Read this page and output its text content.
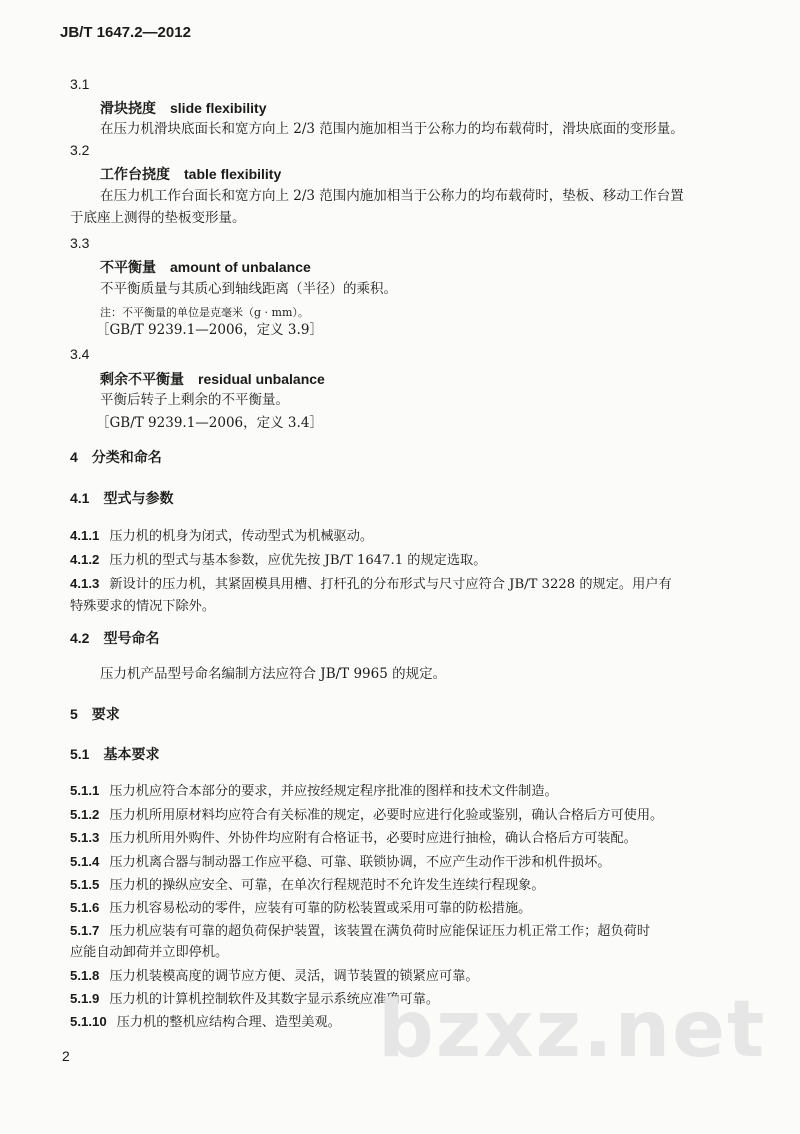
JB/T 1647.2—2012
3.1
滑块挠度　slide flexibility
在压力机滑块底面长和宽方向上 2/3 范围内施加相当于公称力的均布载荷时，滑块底面的变形量。
3.2
工作台挠度　table flexibility
在压力机工作台面长和宽方向上 2/3 范围内施加相当于公称力的均布载荷时，垫板、移动工作台置
于底座上测得的垫板变形量。
3.3
不平衡量　amount of unbalance
不平衡质量与其质心到轴线距离（半径）的乘积。
注：不平衡量的单位是克毫米（g · mm）。
［GB/T 9239.1—2006，定义 3.9］
3.4
剩余不平衡量　residual unbalance
平衡后转子上剩余的不平衡量。
［GB/T 9239.1—2006，定义 3.4］
4　分类和命名
4.1　型式与参数
4.1.1 压力机的机身为闭式，传动型式为机械驱动。
4.1.2 压力机的型式与基本参数，应优先按 JB/T 1647.1 的规定选取。
4.1.3 新设计的压力机，其紧固模具用槽、打杆孔的分布形式与尺寸应符合 JB/T 3228 的规定。用户有
特殊要求的情况下除外。
4.2　型号命名
压力机产品型号命名编制方法应符合 JB/T 9965 的规定。
5　要求
5.1　基本要求
5.1.1 压力机应符合本部分的要求，并应按经规定程序批准的图样和技术文件制造。
5.1.2 压力机所用原材料均应符合有关标准的规定，必要时应进行化验或鉴别，确认合格后方可使用。
5.1.3 压力机所用外购件、外协件均应附有合格证书，必要时应进行抽检，确认合格后方可装配。
5.1.4 压力机离合器与制动器工作应平稳、可靠、联锁协调，不应产生动作干涉和机件损坏。
5.1.5 压力机的操纵应安全、可靠，在单次行程规范时不允许发生连续行程现象。
5.1.6 压力机容易松动的零件，应装有可靠的防松装置或采用可靠的防松措施。
5.1.7 压力机应装有可靠的超负荷保护装置，该装置在满负荷时应能保证压力机正常工作；超负荷时
应能自动卸荷并立即停机。
5.1.8 压力机装模高度的调节应方便、灵活，调节装置的锁紧应可靠。
5.1.9 压力机的计算机控制软件及其数字显示系统应准确可靠。
5.1.10 压力机的整机应结构合理、造型美观。 bzxz.net
2
